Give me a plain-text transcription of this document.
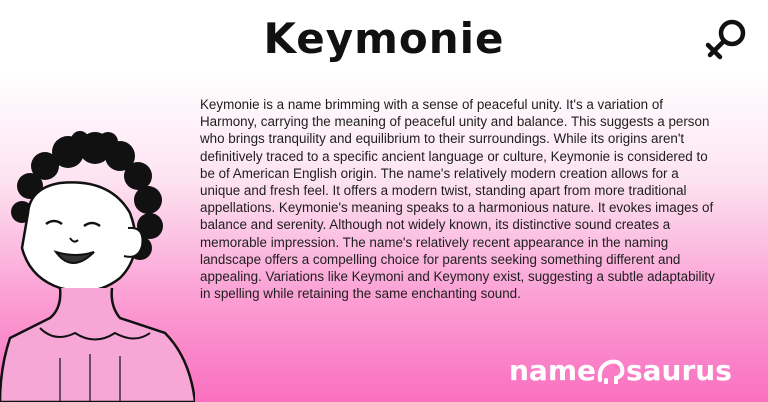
Keymonie

Keymonie is a name brimming with a sense of peaceful unity. It's a variation of Harmony, carrying the meaning of peaceful unity and balance. This suggests a person who brings tranquility and equilibrium to their surroundings. While its origins aren't definitively traced to a specific ancient language or culture, Keymonie is considered to be of American English origin. The name's relatively modern creation allows for a unique and fresh feel. It offers a modern twist, standing apart from more traditional appellations. Keymonie's meaning speaks to a harmonious nature. It evokes images of balance and serenity. Although not widely known, its distinctive sound creates a memorable impression. The name's relatively recent appearance in the naming landscape offers a compelling choice for parents seeking something different and appealing. Variations like Keymoni and Keymony exist, suggesting a subtle adaptability in spelling while retaining the same enchanting sound.

name saurus
